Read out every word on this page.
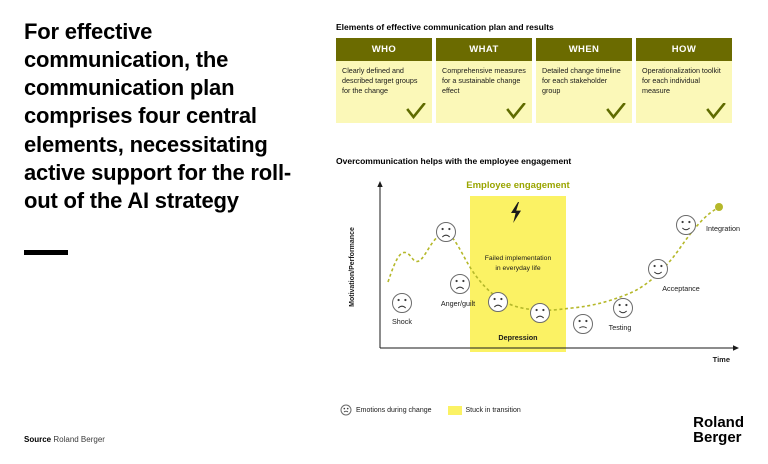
For effective communication, the communication plan comprises four central elements, necessitating active support for the roll-out of the AI strategy
Source Roland Berger
Roland
Berger
Elements of effective communication plan and results
WHO
Clearly defined and described target groups for the change
WHAT
Comprehensive measures for a sustainable change effect
WHEN
Detailed change timeline for each stakeholder group
HOW
Operationalization toolkit for each individual measure
Overcommunication helps with the employee engagement
Employee engagement
Failed implementation
in everyday life
Motivation/Performance
Time
Shock
Anger/guilt
Depression
Testing
Acceptance
Integration
Emotions during change	Stuck in transition
